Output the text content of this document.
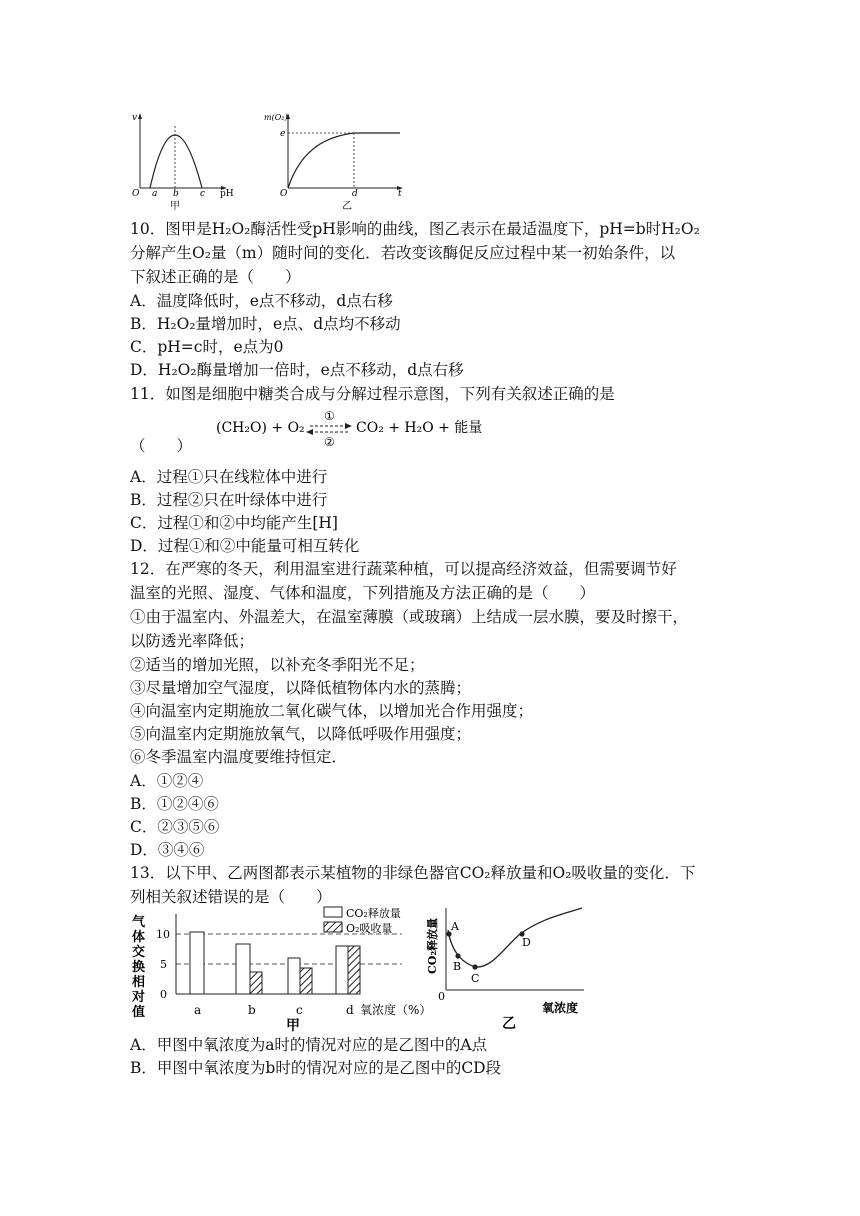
v
O a b c pH
甲
m(O₂)
e
O	d	t
乙
10．图甲是H₂O₂酶活性受pH影响的曲线，图乙表示在最适温度下，pH=b时H₂O₂
分解产生O₂量（m）随时间的变化．若改变该酶促反应过程中某一初始条件，以
下叙述正确的是（　　）
A．温度降低时，e点不移动，d点右移
B．H₂O₂量增加时，e点、d点均不移动
C．pH=c时，e点为0
D．H₂O₂酶量增加一倍时，e点不移动，d点右移
11．如图是细胞中糖类合成与分解过程示意图，下列有关叙述正确的是
（　　）
(CH₂O) + O₂
①
②
CO₂ + H₂O + 能量
A．过程①只在线粒体中进行
B．过程②只在叶绿体中进行
C．过程①和②中均能产生[H]
D．过程①和②中能量可相互转化
12．在严寒的冬天，利用温室进行蔬菜种植，可以提高经济效益，但需要调节好
温室的光照、湿度、气体和温度，下列措施及方法正确的是（　　）
①由于温室内、外温差大，在温室薄膜（或玻璃）上结成一层水膜，要及时擦干，
以防透光率降低；
②适当的增加光照，以补充冬季阳光不足；
③尽量增加空气湿度，以降低植物体内水的蒸腾；
④向温室内定期施放二氧化碳气体，以增加光合作用强度；
⑤向温室内定期施放氧气，以降低呼吸作用强度；
⑥冬季温室内温度要维持恒定．
A．①②④
B．①②④⑥
C．②③⑤⑥
D．③④⑥
13．以下甲、乙两图都表示某植物的非绿色器官CO₂释放量和O₂吸收量的变化．下
列相关叙述错误的是（　　）
气 体 交 换 相 对 值
10
5
0
CO₂释放量
O₂吸收量
a	b	c	d 氧浓度（%）
甲
CO₂释放量 A
B
C
D
0
氧浓度
乙
A．甲图中氧浓度为a时的情况对应的是乙图中的A点
B．甲图中氧浓度为b时的情况对应的是乙图中的CD段
